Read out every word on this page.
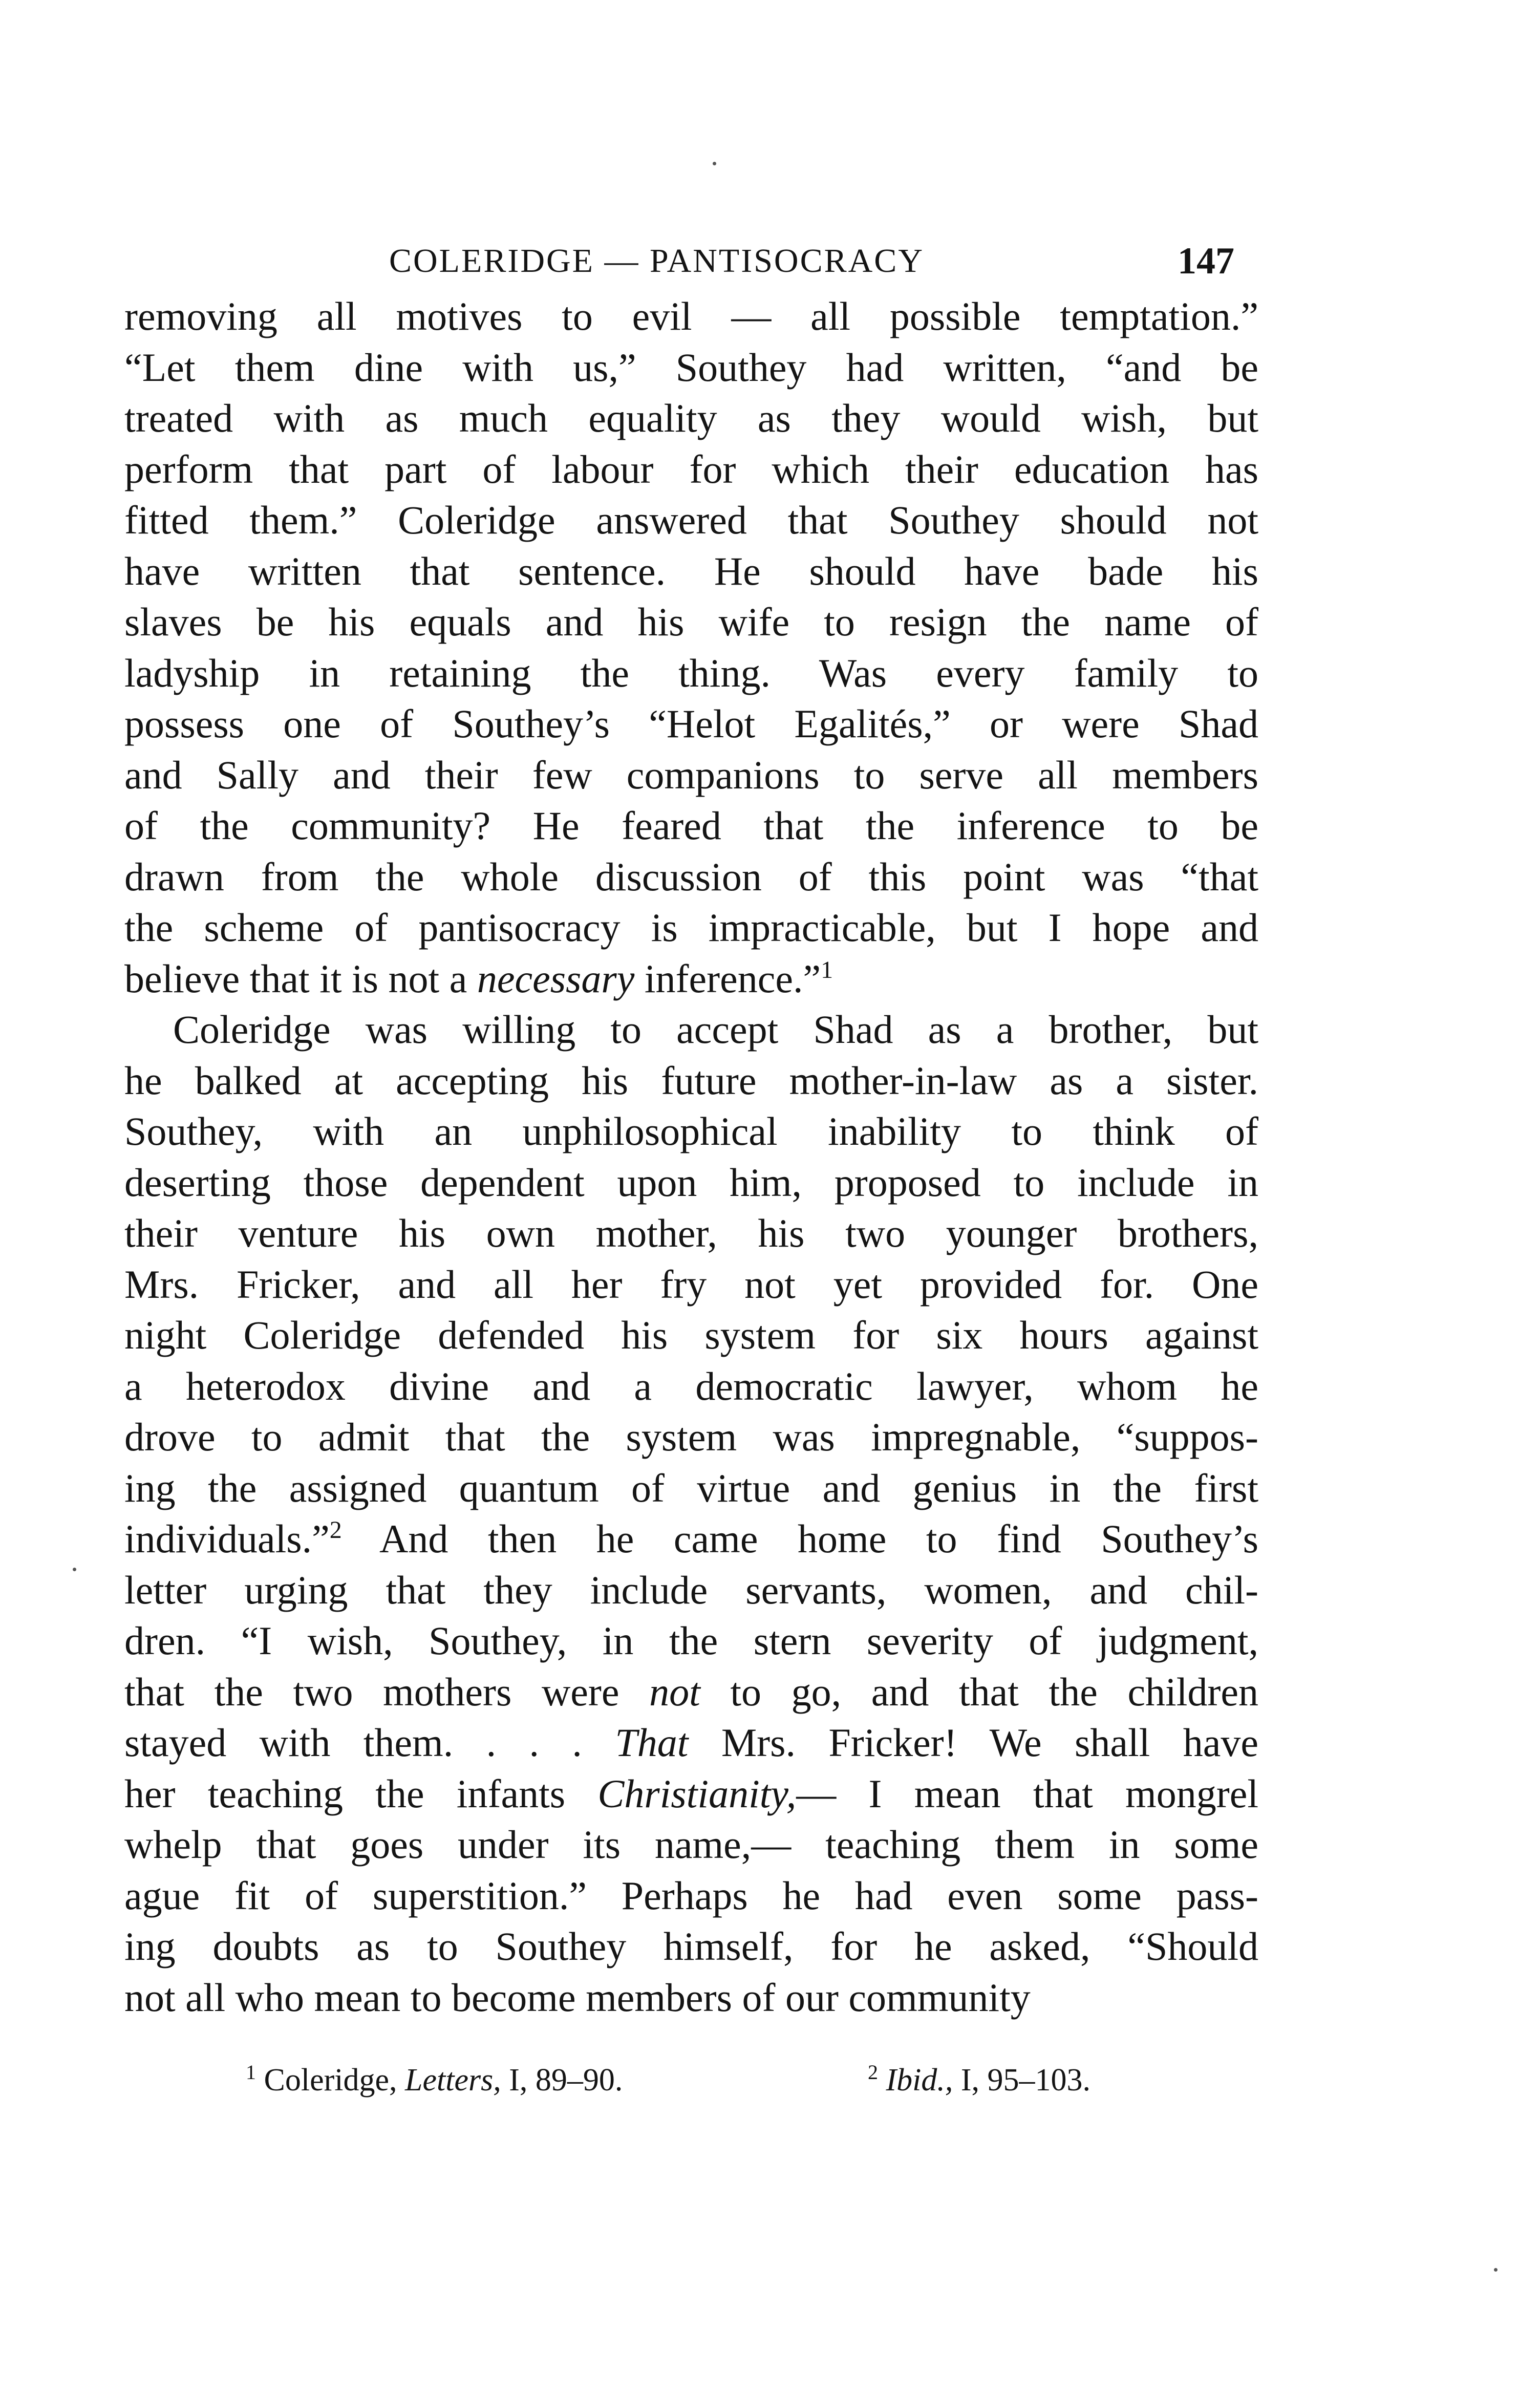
COLERIDGE — PANTISOCRACY	147
removing all motives to evil — all possible temptation.”
“Let them dine with us,” Southey had written, “and be
treated with as much equality as they would wish, but
perform that part of labour for which their education has
fitted them.” Coleridge answered that Southey should not
have written that sentence. He should have bade his
slaves be his equals and his wife to resign the name of
ladyship in retaining the thing. Was every family to
possess one of Southey’s “Helot Egalités,” or were Shad
and Sally and their few companions to serve all members
of the community? He feared that the inference to be
drawn from the whole discussion of this point was “that
the scheme of pantisocracy is impracticable, but I hope and
believe that it is not a necessary inference.”$^1$
Coleridge was willing to accept Shad as a brother, but
he balked at accepting his future mother-in-law as a sister.
Southey, with an unphilosophical inability to think of
deserting those dependent upon him, proposed to include in
their venture his own mother, his two younger brothers,
Mrs. Fricker, and all her fry not yet provided for. One
night Coleridge defended his system for six hours against
a heterodox divine and a democratic lawyer, whom he
drove to admit that the system was impregnable, “suppos-
ing the assigned quantum of virtue and genius in the first
individuals.”$^2$ And then he came home to find Southey’s
letter urging that they include servants, women, and chil-
dren. “I wish, Southey, in the stern severity of judgment,
that the two mothers were not to go, and that the children
stayed with them. . . . That Mrs. Fricker! We shall have
her teaching the infants Christianity,— I mean that mongrel
whelp that goes under its name,— teaching them in some
ague fit of superstition.” Perhaps he had even some pass-
ing doubts as to Southey himself, for he asked, “Should
not all who mean to become members of our community
$^1$ Coleridge, Letters, I, 89–90.	$^2$ Ibid., I, 95–103.
